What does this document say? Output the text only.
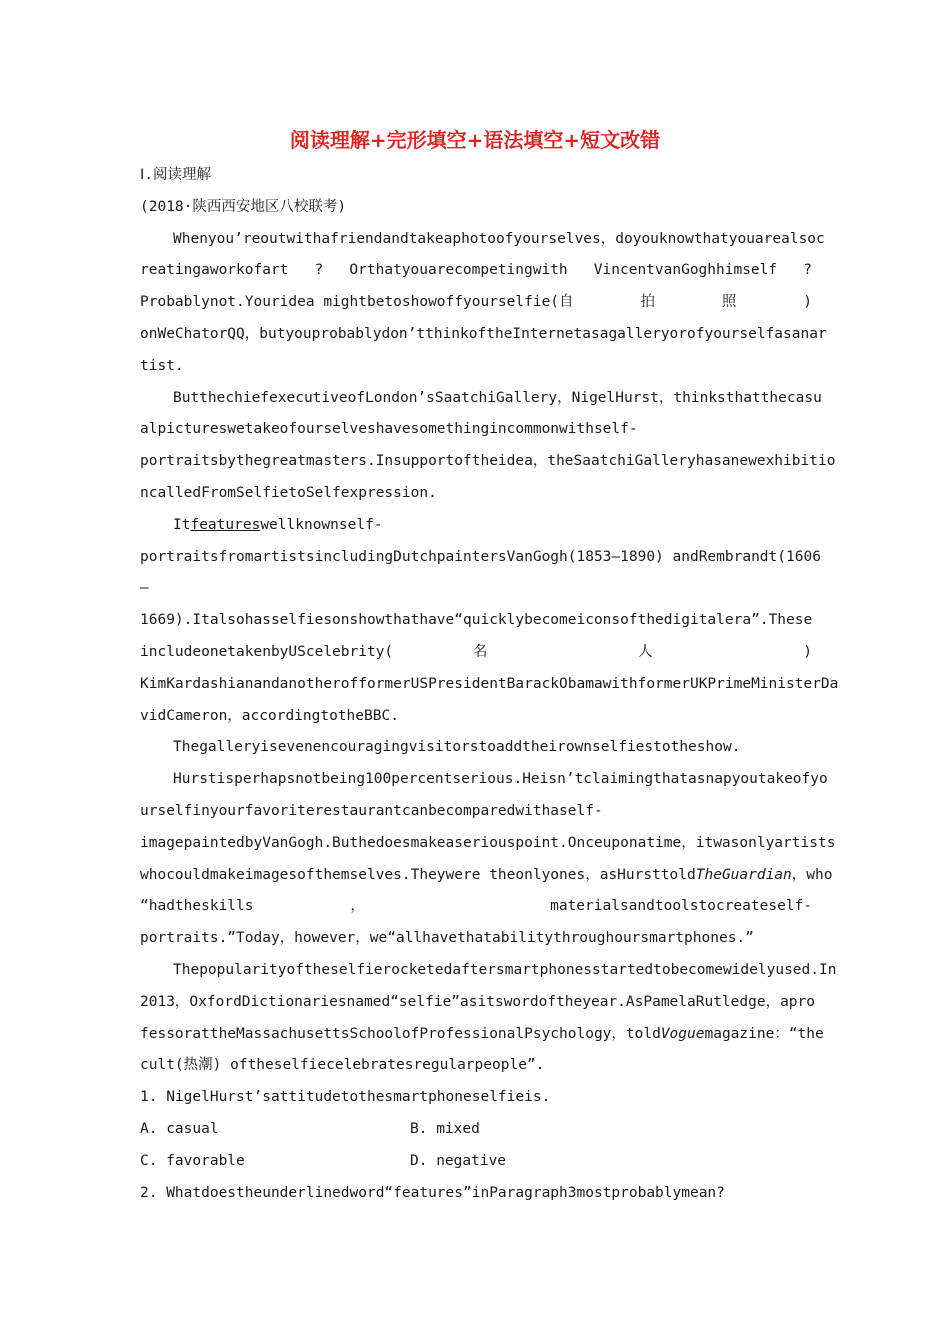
阅读理解+完形填空+语法填空+短文改错
Ⅰ.阅读理解
(2018·陕西西安地区八校联考)
Whenyou’reoutwithafriendandtakeaphotoofyourselves，doyouknowthatyouarealsoc
reatingaworkofart ? Orthatyouarecompetingwith VincentvanGoghhimself ?
Probablynot.Youridea mightbetoshowoffyourselfie( 自 拍 照 )
onWeChatorQQ，butyouprobablydon’tthinkoftheInternetasagalleryorofyourselfasanar
tist.
ButthechiefexecutiveofLondon’sSaatchiGallery，NigelHurst，thinksthatthecasu
alpictureswetakeofourselveshavesomethingincommonwithself-
portraitsbythegreatmasters.Insupportoftheidea，theSaatchiGalleryhasanewexhibitio
ncalledFromSelfietoSelfexpression.
Itfeatureswellknownself-
portraitsfromartistsincludingDutchpaintersVanGogh(1853—1890) andRembrandt(1606
—
1669).Italsohasselfiesonshowthathave“quicklybecomeiconsofthedigitalera”.These
includeonetakenbyUScelebrity( 名 人 )
KimKardashianandanotherofformerUSPresidentBarackObamawithformerUKPrimeMinisterDa
vidCameron，accordingtotheBBC.
Thegalleryisevenencouragingvisitorstoaddtheirownselfiestotheshow.
Hurstisperhapsnotbeing100percentserious.Heisn’tclaimingthatasnapyoutakeofyo
urselfinyourfavoriterestaurantcanbecomparedwithaself-
imagepaintedbyVanGogh.Buthedoesmakeaseriouspoint.Onceuponatime，itwasonlyartists
whocouldmakeimagesofthemselves.Theywere theonlyones，asHursttoldTheGuardian，who
“hadtheskills ， materialsandtoolstocreateself-
portraits.”Today，however，we“allhavethatabilitythroughoursmartphones.”
Thepopularityoftheselfierocketedaftersmartphonesstartedtobecomewidelyused.In
2013，OxfordDictionariesnamed“selfie”asitswordoftheyear.AsPamelaRutledge，apro
fessorattheMassachusettsSchoolofProfessionalPsychology，toldVoguemagazine：“the
cult(热潮) oftheselfiecelebratesregularpeople”.
1. NigelHurst’sattitudetothesmartphoneselfieis.
A. casual	B. mixed
C. favorable	D. negative
2. Whatdoestheunderlinedword“features”inParagraph3mostprobablymean?
